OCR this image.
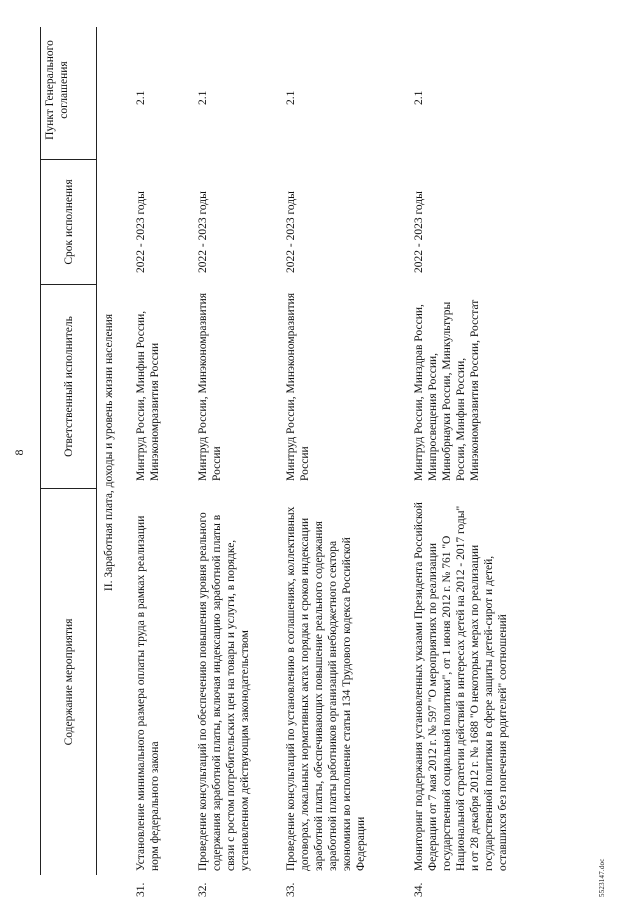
8
Содержание мероприятия
Ответственный исполнитель
Срок исполнения
Пункт Генерального соглашения
II. Заработная плата, доходы и уровень жизни населения
31.
Установление минимального размера оплаты труда в рамках реализации норм федерального закона
Минтруд России, Минфин России, Минэкономразвития России
2022 - 2023 годы
2.1
32.
Проведение консультаций по обеспечению повышения уровня реального содержания заработной платы, включая индексацию заработной платы в связи с ростом потребительских цен на товары и услуги, в порядке, установленном действующим законодательством
Минтруд России, Минэкономразвития России
2022 - 2023 годы
2.1
33.
Проведение консультаций по установлению в соглашениях, коллективных договорах, локальных нормативных актах порядка и сроков индексации заработной платы, обеспечивающих повышение реального содержания заработной платы работников организаций внебюджетного сектора экономики во исполнение статьи 134 Трудового кодекса Российской Федерации
Минтруд России, Минэкономразвития России
2022 - 2023 годы
2.1
34.
Мониторинг поддержания установленных указами Президента Российской Федерации от 7 мая 2012 г. № 597 "О мероприятиях по реализации государственной социальной политики", от 1 июня 2012 г. № 761 "О Национальной стратегии действий в интересах детей на 2012 - 2017 годы" и от 28 декабря 2012 г. № 1688 "О некоторых мерах по реализации государственной политики в сфере защиты детей-сирот и детей, оставшихся без попечения родителей" соотношений
Минтруд России, Минздрав России, Минпросвещения России, Минобрнауки России, Минкультуры России, Минфин России, Минэкономразвития России, Росстат
2022 - 2023 годы
2.1
5523147.doc
